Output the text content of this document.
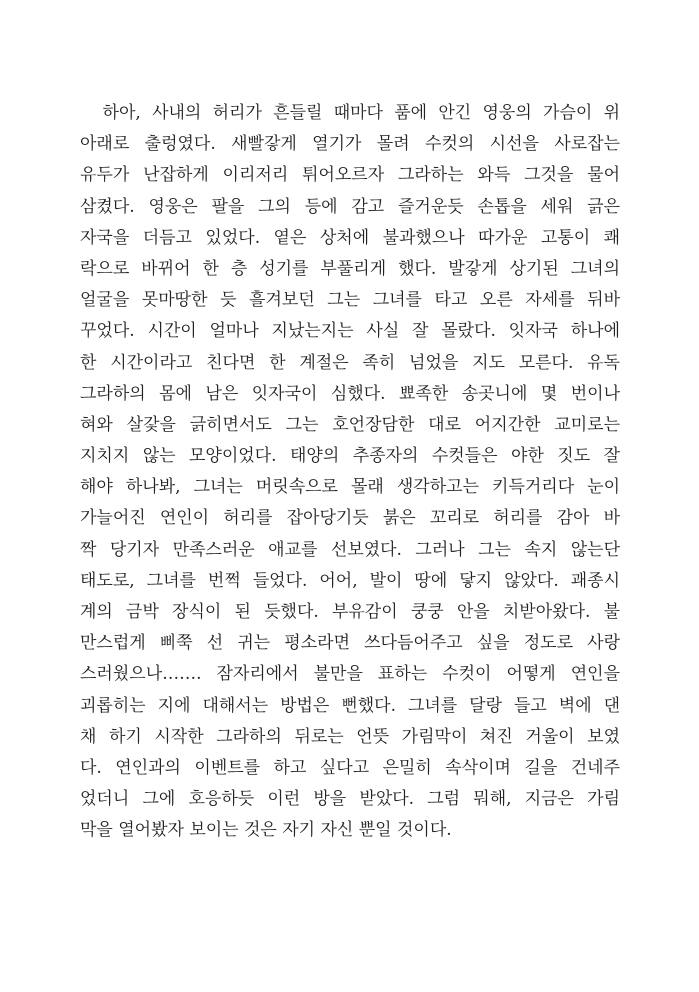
하아, 사내의 허리가 흔들릴 때마다 품에 안긴 영웅의 가슴이 위
아래로 출렁였다. 새빨갛게 열기가 몰려 수컷의 시선을 사로잡는
유두가 난잡하게 이리저리 튀어오르자 그라하는 와득 그것을 물어
삼켰다. 영웅은 팔을 그의 등에 감고 즐거운듯 손톱을 세워 긁은
자국을 더듬고 있었다. 옅은 상처에 불과했으나 따가운 고통이 쾌
락으로 바뀌어 한 층 성기를 부풀리게 했다. 발갛게 상기된 그녀의
얼굴을 못마땅한 듯 흘겨보던 그는 그녀를 타고 오른 자세를 뒤바
꾸었다. 시간이 얼마나 지났는지는 사실 잘 몰랐다. 잇자국 하나에
한 시간이라고 친다면 한 계절은 족히 넘었을 지도 모른다. 유독
그라하의 몸에 남은 잇자국이 심했다. 뾰족한 송곳니에 몇 번이나
혀와 살갗을 긁히면서도 그는 호언장담한 대로 어지간한 교미로는
지치지 않는 모양이었다. 태양의 추종자의 수컷들은 야한 짓도 잘
해야 하나봐, 그녀는 머릿속으로 몰래 생각하고는 키득거리다 눈이
가늘어진 연인이 허리를 잡아당기듯 붉은 꼬리로 허리를 감아 바
짝 당기자 만족스러운 애교를 선보였다. 그러나 그는 속지 않는단
태도로, 그녀를 번쩍 들었다. 어어, 발이 땅에 닿지 않았다. 괘종시
계의 금박 장식이 된 듯했다. 부유감이 쿵쿵 안을 치받아왔다. 불
만스럽게 삐쭉 선 귀는 평소라면 쓰다듬어주고 싶을 정도로 사랑
스러웠으나……. 잠자리에서 불만을 표하는 수컷이 어떻게 연인을
괴롭히는 지에 대해서는 방법은 뻔했다. 그녀를 달랑 들고 벽에 댄
채 하기 시작한 그라하의 뒤로는 언뜻 가림막이 쳐진 거울이 보였
다. 연인과의 이벤트를 하고 싶다고 은밀히 속삭이며 길을 건네주
었더니 그에 호응하듯 이런 방을 받았다. 그럼 뭐해, 지금은 가림
막을 열어봤자 보이는 것은 자기 자신 뿐일 것이다.
